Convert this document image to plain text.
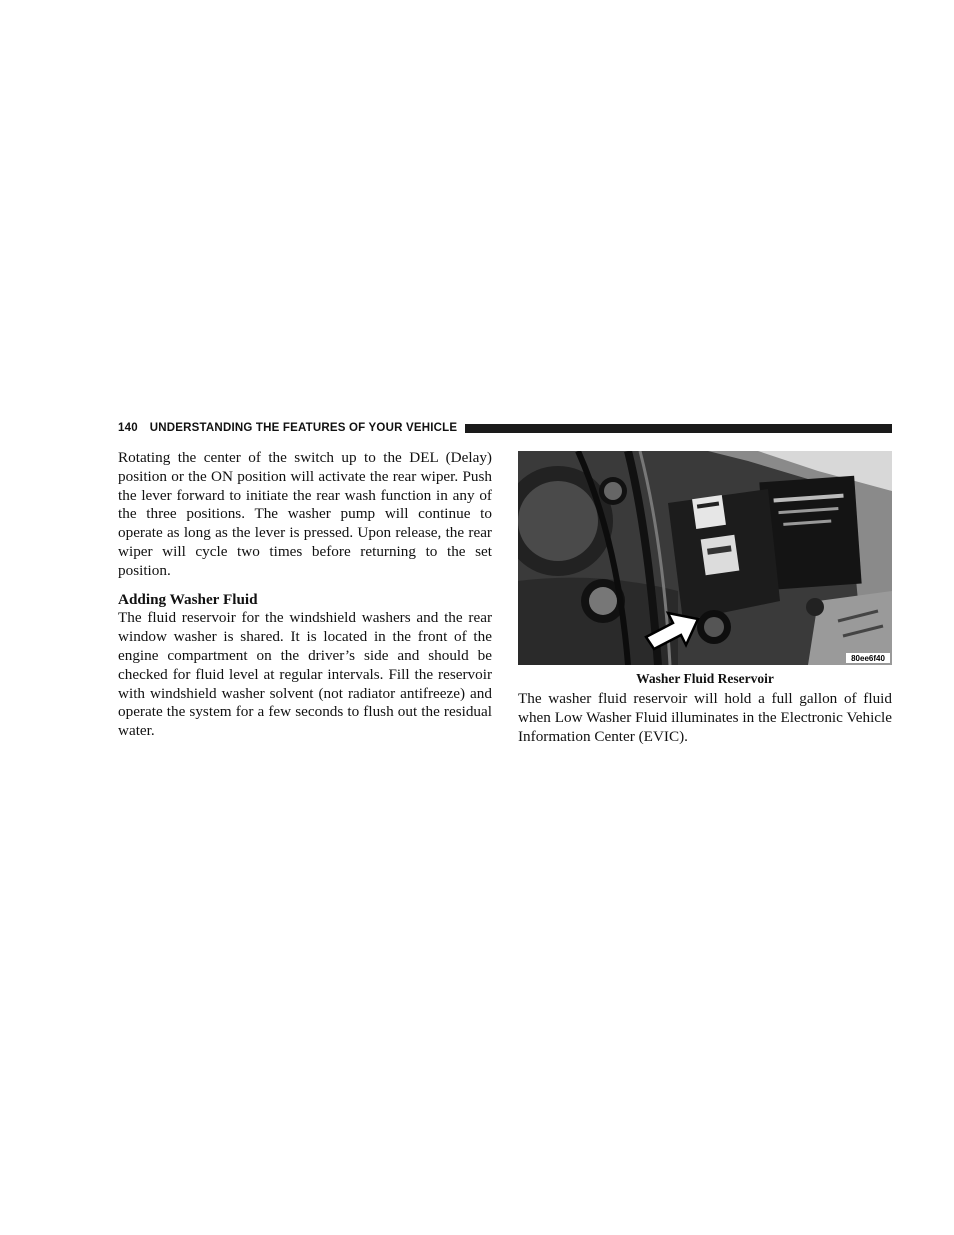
140 UNDERSTANDING THE FEATURES OF YOUR VEHICLE

Rotating the center of the switch up to the DEL (Delay) position or the ON position will activate the rear wiper. Push the lever forward to initiate the rear wash function in any of the three positions. The washer pump will continue to operate as long as the lever is pressed. Upon release, the rear wiper will cycle two times before returning to the set position.

Adding Washer Fluid

The fluid reservoir for the windshield washers and the rear window washer is shared. It is located in the front of the engine compartment on the driver’s side and should be checked for fluid level at regular intervals. Fill the reservoir with windshield washer solvent (not radiator antifreeze) and operate the system for a few seconds to flush out the residual water.

80ee6f40
Washer Fluid Reservoir

The washer fluid reservoir will hold a full gallon of fluid when Low Washer Fluid illuminates in the Electronic Vehicle Information Center (EVIC).
